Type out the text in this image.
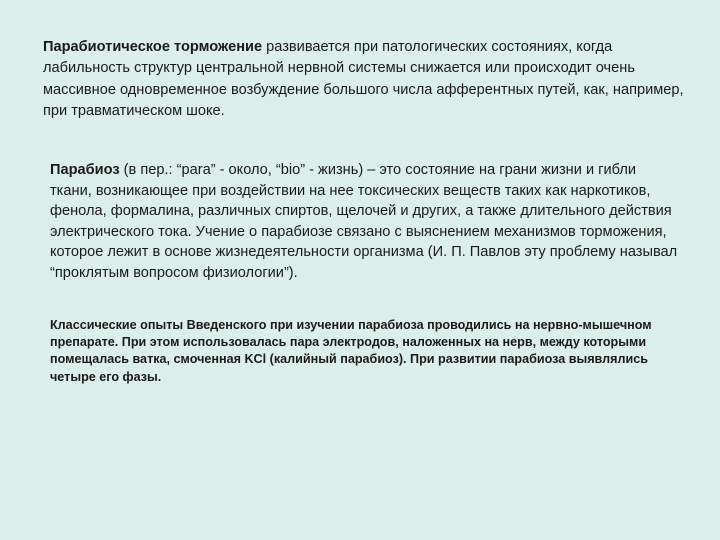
Парабиотическое торможение развивается при патологических состояниях, когда лабильность структур центральной нервной системы снижается или происходит очень массивное одновременное возбуждение большого числа афферентных путей, как, например, при травматическом шоке.

Парабиоз (в пер.: “para” - около, “bio” - жизнь) – это состояние на грани жизни и гибли ткани, возникающее при воздействии на нее токсических веществ таких как наркотиков, фенола, формалина, различных спиртов, щелочей и других, а также длительного действия электрического тока. Учение о парабиозе связано с выяснением механизмов торможения, которое лежит в основе жизнедеятельности организма (И. П. Павлов эту проблему называл “проклятым вопросом физиологии”).

Классические опыты Введенского при изучении парабиоза проводились на нервно-мышечном препарате. При этом использовалась пара электродов, наложенных на нерв, между которыми помещалась ватка, смоченная KCl (калийный парабиоз). При развитии парабиоза выявлялись четыре его фазы.
